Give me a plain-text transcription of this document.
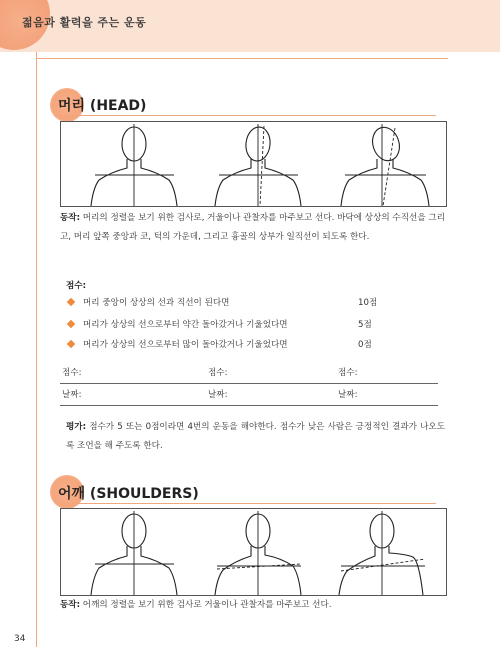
젊음과 활력을 주는 운동
머리 (HEAD)
동작: 머리의 정렬을 보기 위한 검사로, 거울이나 관찰자를 마주보고 선다. 바닥에 상상의 수직선을 그리고, 머리 앞쪽 중앙과 코, 턱의 가운데, 그리고 흉골의 상부가 일직선이 되도록 한다.
점수:
머리 중앙이 상상의 선과 직선이 된다면	10점
머리가 상상의 선으로부터 약간 돌아갔거나 기울었다면	5점
머리가 상상의 선으로부터 많이 돌아갔거나 기울었다면	0점
점수:	점수:	점수:
날짜:	날짜:	날짜:
평가: 점수가 5 또는 0점이라면 4번의 운동을 해야한다. 점수가 낮은 사람은 긍정적인 결과가 나오도록 조언을 해 주도록 한다.
어깨 (SHOULDERS)
동작: 어깨의 정렬을 보기 위한 검사로 거울이나 관찰자를 마주보고 선다.
34
